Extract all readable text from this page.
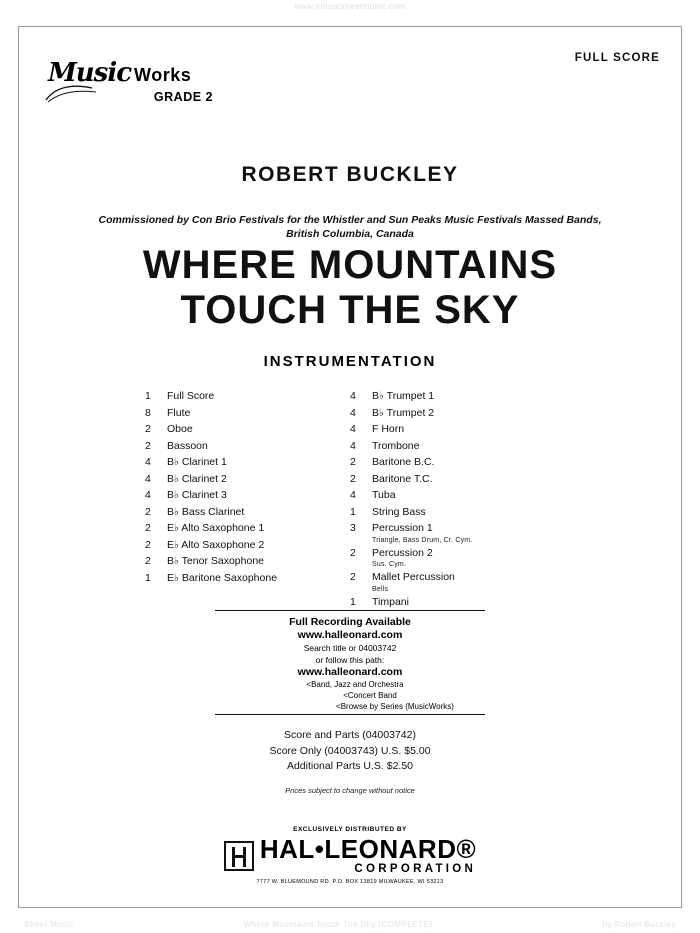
www.virtualsheetmusic.com
FULL SCORE
Music Works
GRADE 2
ROBERT BUCKLEY
Commissioned by Con Brio Festivals for the Whistler and Sun Peaks Music Festivals Massed Bands,
British Columbia, Canada
WHERE MOUNTAINS
TOUCH THE SKY
INSTRUMENTATION
1	Full Score
8	Flute
2	Oboe
2	Bassoon
4	B♭ Clarinet 1
4	B♭ Clarinet 2
4	B♭ Clarinet 3
2	B♭ Bass Clarinet
2	E♭ Alto Saxophone 1
2	E♭ Alto Saxophone 2
2	B♭ Tenor Saxophone
1	E♭ Baritone Saxophone
4	B♭ Trumpet 1
4	B♭ Trumpet 2
4	F Horn
4	Trombone
2	Baritone B.C.
2	Baritone T.C.
4	Tuba
1	String Bass
3	Percussion 1
Triangle, Bass Drum, Cr. Cym.
2	Percussion 2
Sus. Cym.
2	Mallet Percussion
Bells
1	Timpani
Full Recording Available
www.halleonard.com
Search title or 04003742
or follow this path:
www.halleonard.com
<Band, Jazz and Orchestra
<Concert Band
<Browse by Series (MusicWorks)
Score and Parts (04003742)
Score Only (04003743) U.S. $5.00
Additional Parts U.S. $2.50
Prices subject to change without notice
EXCLUSIVELY DISTRIBUTED BY
HAL•LEONARD®
CORPORATION
7777 W. BLUEMOUND RD. P.O. BOX 13819 MILWAUKEE, WI 53213
Sheet Music	Where Mountains Touch The Sky (COMPLETE)	by Robert Buckley
